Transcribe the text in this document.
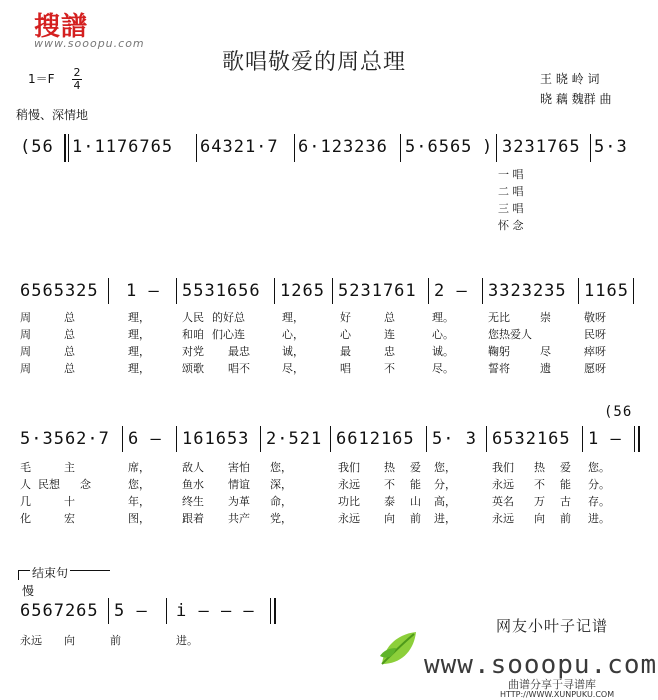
搜譜
www.sooopu.com
歌唱敬爱的周总理
1＝F 2
4
稍慢、深情地
王 晓 岭 词
晓 藕 魏群 曲
(56 1·1176765 64321·7 6·123236 5·6565 ) 3231765 5·3
一 唱
二 唱
三 唱
怀 念
6565325 1 – 5531656 1265 5231761 2 – 3323235 1165
周	总	理，	人民 的好总	理，	好	总	理。	无比	崇	敬呀
周	总	理，	和咱 们心连	心，	心	连	心。	您热爱人	民呀
周	总	理，	对党 最忠	诚，	最	忠	诚。	鞠躬	尽	瘁呀
周	总	理，	颂歌 唱不	尽，	唱	不	尽。	誓将	遗	愿呀
5·3562·7 6 – 161653 2·521 6612165 5· 3 6532165 1 –
(56
毛	主	席，	敌人 害怕 您，	我们 热 爱 您，	我们 热 爱 您。
人 民想 念	您，	鱼水 情谊 深，	永远 不 能 分，	永远 不 能 分。
几	十	年，	终生 为革 命，	功比 泰 山 高，	英名 万 古 存。
化	宏	图，	跟着 共产 党，	永远 向 前 进，	永远 向 前 进。
结束句
慢
6567265 5 – i – – –
永远 向	前	进。
网友小叶子记谱
www.sooopu.com
曲谱分享于寻谱库
HTTP://WWW.XUNPUKU.COM
